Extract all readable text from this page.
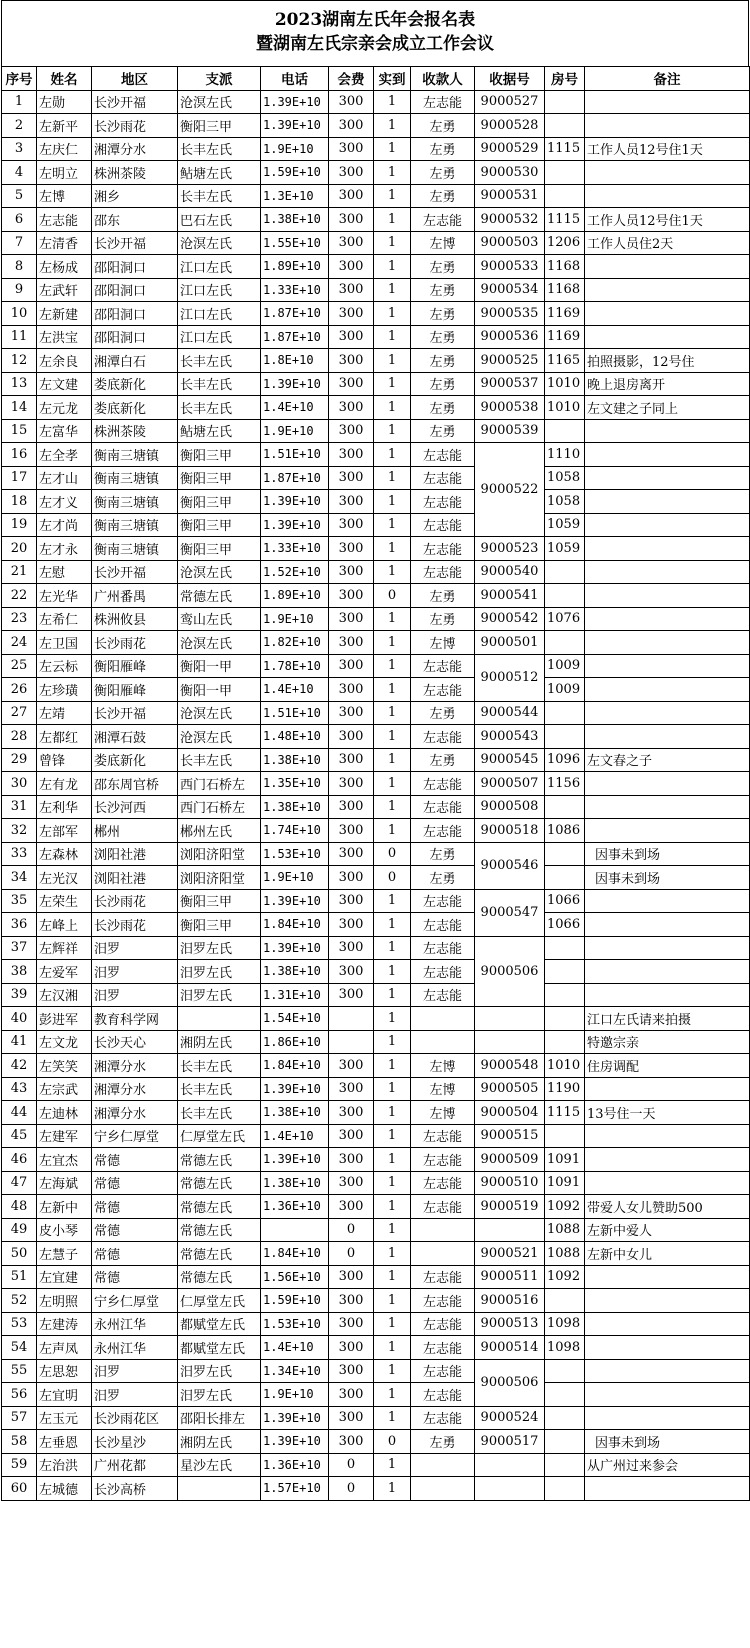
2023湖南左氏年会报名表
暨湖南左氏宗亲会成立工作会议
序号	姓名	地区	支派	电话	会费	实到	收款人	收据号	房号	备注
1	左勋	长沙开福	沧溟左氏	1.39E+10	300	1	左志能	9000527		
2	左新平	长沙雨花	衡阳三甲	1.39E+10	300	1	左勇	9000528		
3	左庆仁	湘潭分水	长丰左氏	1.9E+10	300	1	左勇	9000529	1115	工作人员12号住1天
4	左明立	株洲茶陵	鲇塘左氏	1.59E+10	300	1	左勇	9000530		
5	左博	湘乡	长丰左氏	1.3E+10	300	1	左勇	9000531		
6	左志能	邵东	巴石左氏	1.38E+10	300	1	左志能	9000532	1115	工作人员12号住1天
7	左清香	长沙开福	沧溟左氏	1.55E+10	300	1	左博	9000503	1206	工作人员住2天
8	左杨成	邵阳洞口	江口左氏	1.89E+10	300	1	左勇	9000533	1168	
9	左武轩	邵阳洞口	江口左氏	1.33E+10	300	1	左勇	9000534	1168	
10	左新建	邵阳洞口	江口左氏	1.87E+10	300	1	左勇	9000535	1169	
11	左洪宝	邵阳洞口	江口左氏	1.87E+10	300	1	左勇	9000536	1169	
12	左余良	湘潭白石	长丰左氏	1.8E+10	300	1	左勇	9000525	1165	拍照摄影，12号住
13	左文建	娄底新化	长丰左氏	1.39E+10	300	1	左勇	9000537	1010	晚上退房离开
14	左元龙	娄底新化	长丰左氏	1.4E+10	300	1	左勇	9000538	1010	左文建之子同上
15	左富华	株洲茶陵	鲇塘左氏	1.9E+10	300	1	左勇	9000539		
16	左全孝	衡南三塘镇	衡阳三甲	1.51E+10	300	1	左志能	9000522	1110	
17	左才山	衡南三塘镇	衡阳三甲	1.87E+10	300	1	左志能		1058	
18	左才义	衡南三塘镇	衡阳三甲	1.39E+10	300	1	左志能		1058	
19	左才尚	衡南三塘镇	衡阳三甲	1.39E+10	300	1	左志能		1059	
20	左才永	衡南三塘镇	衡阳三甲	1.33E+10	300	1	左志能	9000523	1059	
21	左慰	长沙开福	沧溟左氏	1.52E+10	300	1	左志能	9000540		
22	左光华	广州番禺	常德左氏	1.89E+10	300	0	左勇	9000541		
23	左希仁	株洲攸县	鸾山左氏	1.9E+10	300	1	左勇	9000542	1076	
24	左卫国	长沙雨花	沧溟左氏	1.82E+10	300	1	左博	9000501		
25	左云标	衡阳雁峰	衡阳一甲	1.78E+10	300	1	左志能	9000512	1009	
26	左珍璜	衡阳雁峰	衡阳一甲	1.4E+10	300	1	左志能		1009	
27	左靖	长沙开福	沧溟左氏	1.51E+10	300	1	左勇	9000544		
28	左都红	湘潭石鼓	沧溟左氏	1.48E+10	300	1	左志能	9000543		
29	曾锋	娄底新化	长丰左氏	1.38E+10	300	1	左勇	9000545	1096	左文春之子
30	左有龙	邵东周官桥	西门石桥左	1.35E+10	300	1	左志能	9000507	1156	
31	左利华	长沙河西	西门石桥左	1.38E+10	300	1	左志能	9000508		
32	左部军	郴州	郴州左氏	1.74E+10	300	1	左志能	9000518	1086	
33	左森林	浏阳社港	浏阳济阳堂	1.53E+10	300	0	左勇	9000546		因事未到场
34	左光汉	浏阳社港	浏阳济阳堂	1.9E+10	300	0	左勇			因事未到场
35	左荣生	长沙雨花	衡阳三甲	1.39E+10	300	1	左志能	9000547	1066	
36	左峰上	长沙雨花	衡阳三甲	1.84E+10	300	1	左志能		1066	
37	左辉祥	汨罗	汨罗左氏	1.39E+10	300	1	左志能	9000506		
38	左爱军	汨罗	汨罗左氏	1.38E+10	300	1	左志能			
39	左汉湘	汨罗	汨罗左氏	1.31E+10	300	1	左志能			
40	彭进军	教育科学网		1.54E+10		1				江口左氏请来拍摄
41	左文龙	长沙天心	湘阴左氏	1.86E+10		1				特邀宗亲
42	左笑笑	湘潭分水	长丰左氏	1.84E+10	300	1	左博	9000548	1010	住房调配
43	左宗武	湘潭分水	长丰左氏	1.39E+10	300	1	左博	9000505	1190	
44	左迪林	湘潭分水	长丰左氏	1.38E+10	300	1	左博	9000504	1115	13号住一天
45	左建军	宁乡仁厚堂	仁厚堂左氏	1.4E+10	300	1	左志能	9000515		
46	左宜杰	常德	常德左氏	1.39E+10	300	1	左志能	9000509	1091	
47	左海斌	常德	常德左氏	1.38E+10	300	1	左志能	9000510	1091	
48	左新中	常德	常德左氏	1.36E+10	300	1	左志能	9000519	1092	带爱人女儿赞助500
49	皮小琴	常德	常德左氏		0	1			1088	左新中爱人
50	左慧子	常德	常德左氏	1.84E+10	0	1		9000521	1088	左新中女儿
51	左宜建	常德	常德左氏	1.56E+10	300	1	左志能	9000511	1092	
52	左明照	宁乡仁厚堂	仁厚堂左氏	1.59E+10	300	1	左志能	9000516		
53	左建涛	永州江华	都赋堂左氏	1.53E+10	300	1	左志能	9000513	1098	
54	左声凤	永州江华	都赋堂左氏	1.4E+10	300	1	左志能	9000514	1098	
55	左思恕	汨罗	汨罗左氏	1.34E+10	300	1	左志能	9000506		
56	左宜明	汨罗	汨罗左氏	1.9E+10	300	1	左志能			
57	左玉元	长沙雨花区	邵阳长排左	1.39E+10	300	1	左志能	9000524		
58	左垂恩	长沙星沙	湘阴左氏	1.39E+10	300	0	左勇	9000517		因事未到场
59	左治洪	广州花都	星沙左氏	1.36E+10	0	1				从广州过来参会
60	左城德	长沙高桥		1.57E+10	0	1				
